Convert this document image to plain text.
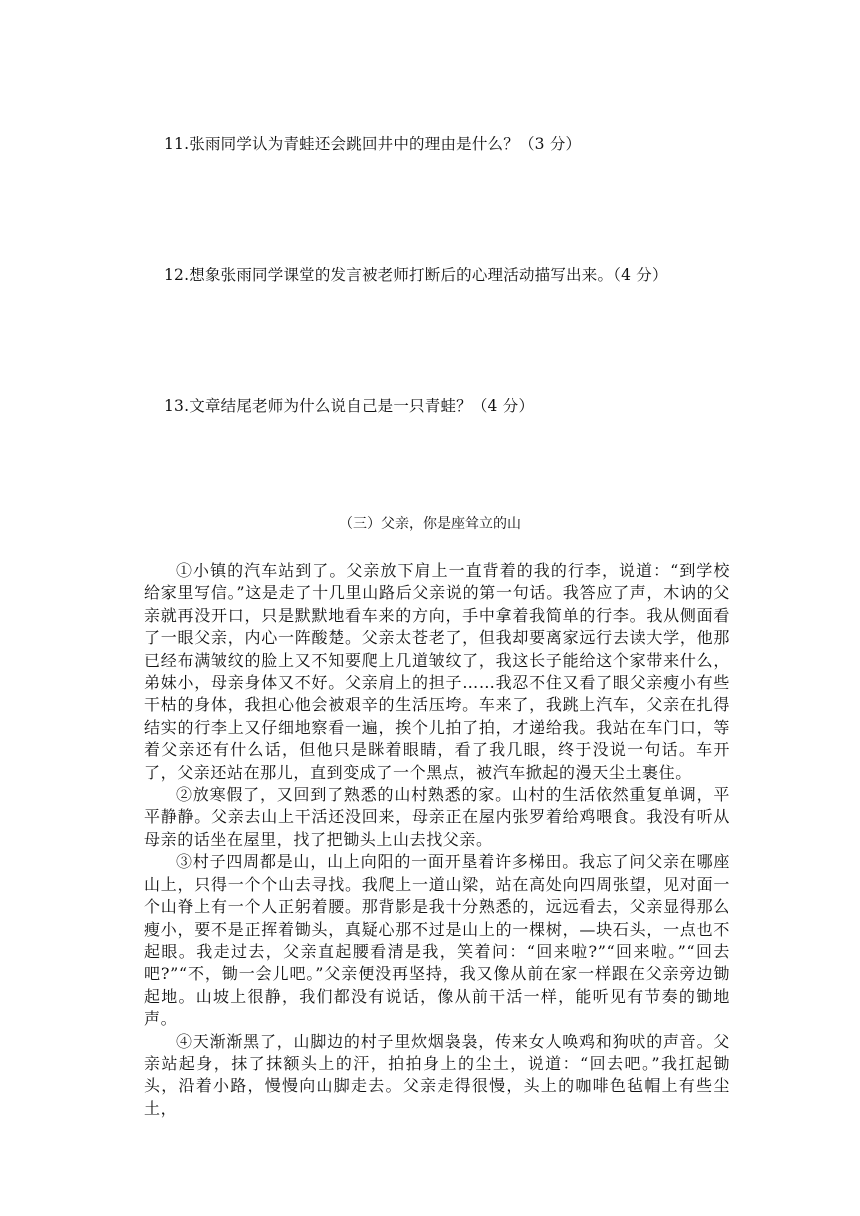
11.张雨同学认为青蛙还会跳回井中的理由是什么？（3 分）
12.想象张雨同学课堂的发言被老师打断后的心理活动描写出来。（4 分）
13.文章结尾老师为什么说自己是一只青蛙？（4 分）
（三）父亲，你是座耸立的山

①小镇的汽车站到了。父亲放下肩上一直背着的我的行李，说道：“到学校给家里写信。”这是走了十几里山路后父亲说的第一句话。我答应了声，木讷的父亲就再没开口，只是默默地看车来的方向，手中拿着我简单的行李。我从侧面看了一眼父亲，内心一阵酸楚。父亲太苍老了，但我却要离家远行去读大学，他那已经布满皱纹的脸上又不知要爬上几道皱纹了，我这长子能给这个家带来什么，弟妹小，母亲身体又不好。父亲肩上的担子……我忍不住又看了眼父亲瘦小有些干枯的身体，我担心他会被艰辛的生活压垮。车来了，我跳上汽车，父亲在扎得结实的行李上又仔细地察看一遍，挨个儿拍了拍，才递给我。我站在车门口，等着父亲还有什么话，但他只是眯着眼睛，看了我几眼，终于没说一句话。车开了，父亲还站在那儿，直到变成了一个黑点，被汽车掀起的漫天尘土裹住。

②放寒假了，又回到了熟悉的山村熟悉的家。山村的生活依然重复单调，平平静静。父亲去山上干活还没回来，母亲正在屋内张罗着给鸡喂食。我没有听从母亲的话坐在屋里，找了把锄头上山去找父亲。

③村子四周都是山，山上向阳的一面开垦着许多梯田。我忘了问父亲在哪座山上，只得一个个山去寻找。我爬上一道山梁，站在高处向四周张望，见对面一个山脊上有一个人正躬着腰。那背影是我十分熟悉的，远远看去，父亲显得那么瘦小，要不是正挥着锄头，真疑心那不过是山上的一棵树，—块石头，一点也不起眼。我走过去，父亲直起腰看清是我，笑着问：“回来啦?”“回来啦。”“回去吧?”“不，锄一会儿吧。”父亲便没再坚持，我又像从前在家一样跟在父亲旁边锄起地。山坡上很静，我们都没有说话，像从前干活一样，能听见有节奏的锄地声。

④天渐渐黑了，山脚边的村子里炊烟袅袅，传来女人唤鸡和狗吠的声音。父亲站起身，抹了抹额头上的汗，拍拍身上的尘土，说道：“回去吧。”我扛起锄头，沿着小路，慢慢向山脚走去。父亲走得很慢，头上的咖啡色毡帽上有些尘土，
